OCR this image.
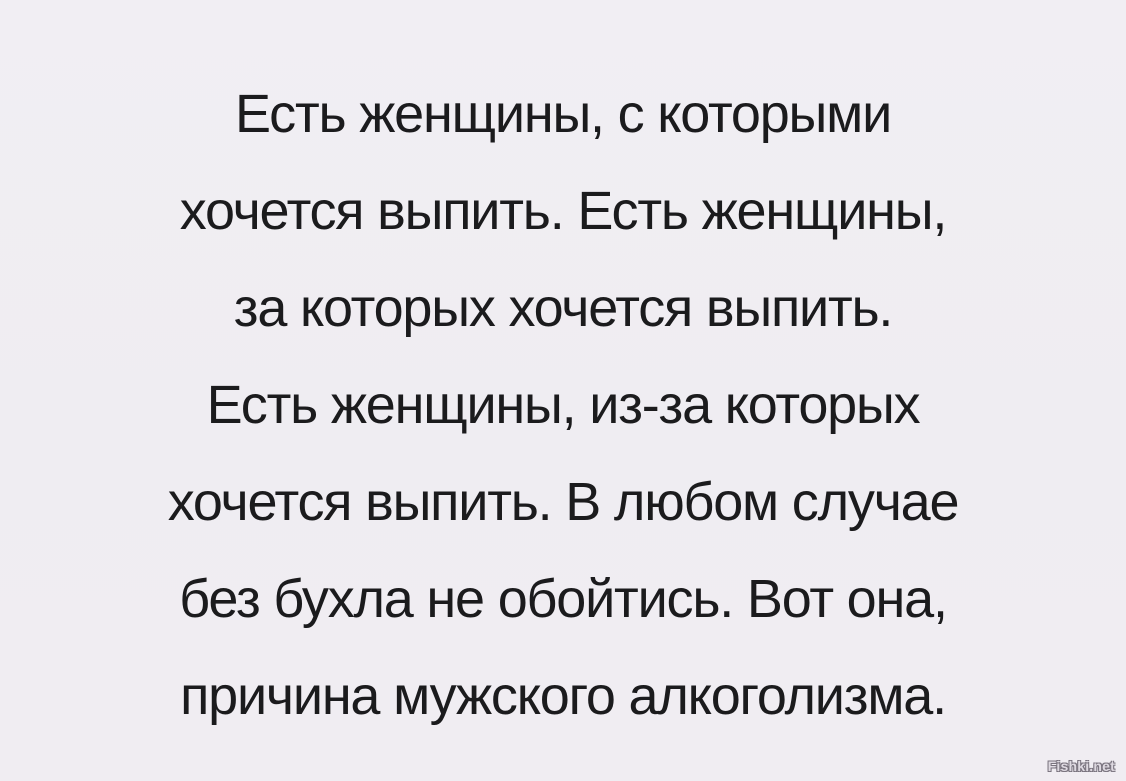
Есть женщины, с которыми
хочется выпить. Есть женщины,
за которых хочется выпить.
Есть женщины, из-за которых
хочется выпить. В любом случае
без бухла не обойтись. Вот она,
причина мужского алкоголизма.
Fishki.net
